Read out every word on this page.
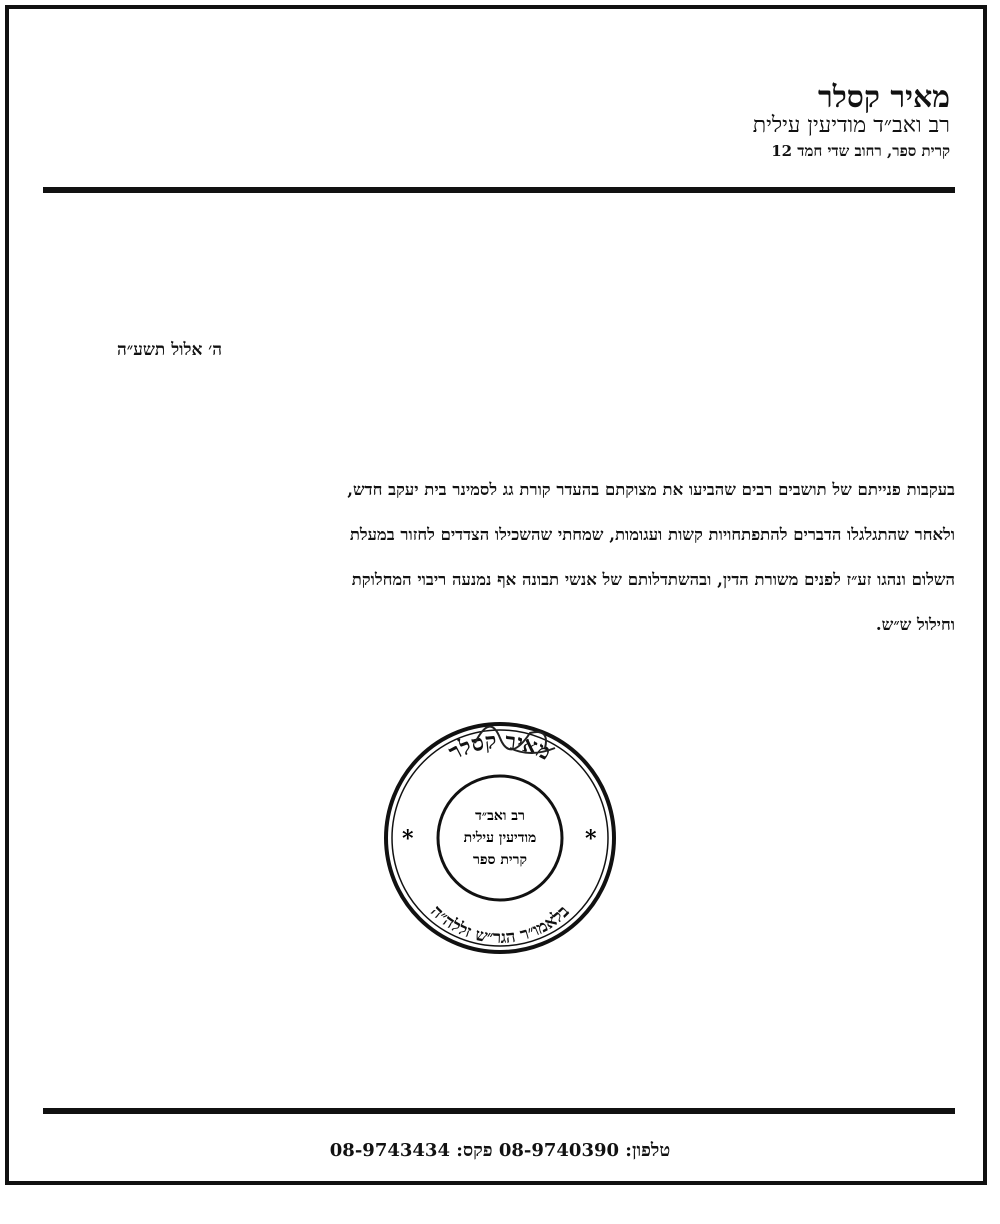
מאיר קסלר
רב ואב״ד מודיעין עילית
קרית ספר, רחוב שדי חמד 12
ה׳ אלול תשע״ה
בעקבות פנייתם של תושבים רבים שהביעו את מצוקתם בהעדר קורת גג לסמינר בית יעקב חדש,
ולאחר שהתגלגלו הדברים להתפתחויות קשות ועגומות, שמחתי שהשכילו הצדדים לחזור במעלת
השלום ונהגו זע״ז לפנים משורת הדין, ובהשתדלותם של אנשי תבונה אף נמנעה ריבוי המחלוקת
וחילול ש״ש.
מאיר קסלר
בלאמו״ר הגר״ש זללה״ה
*	*
רב ואב״ד
מודיעין עילית
קרית ספר
טלפון: 08-9740390 פקס: 08-9743434
